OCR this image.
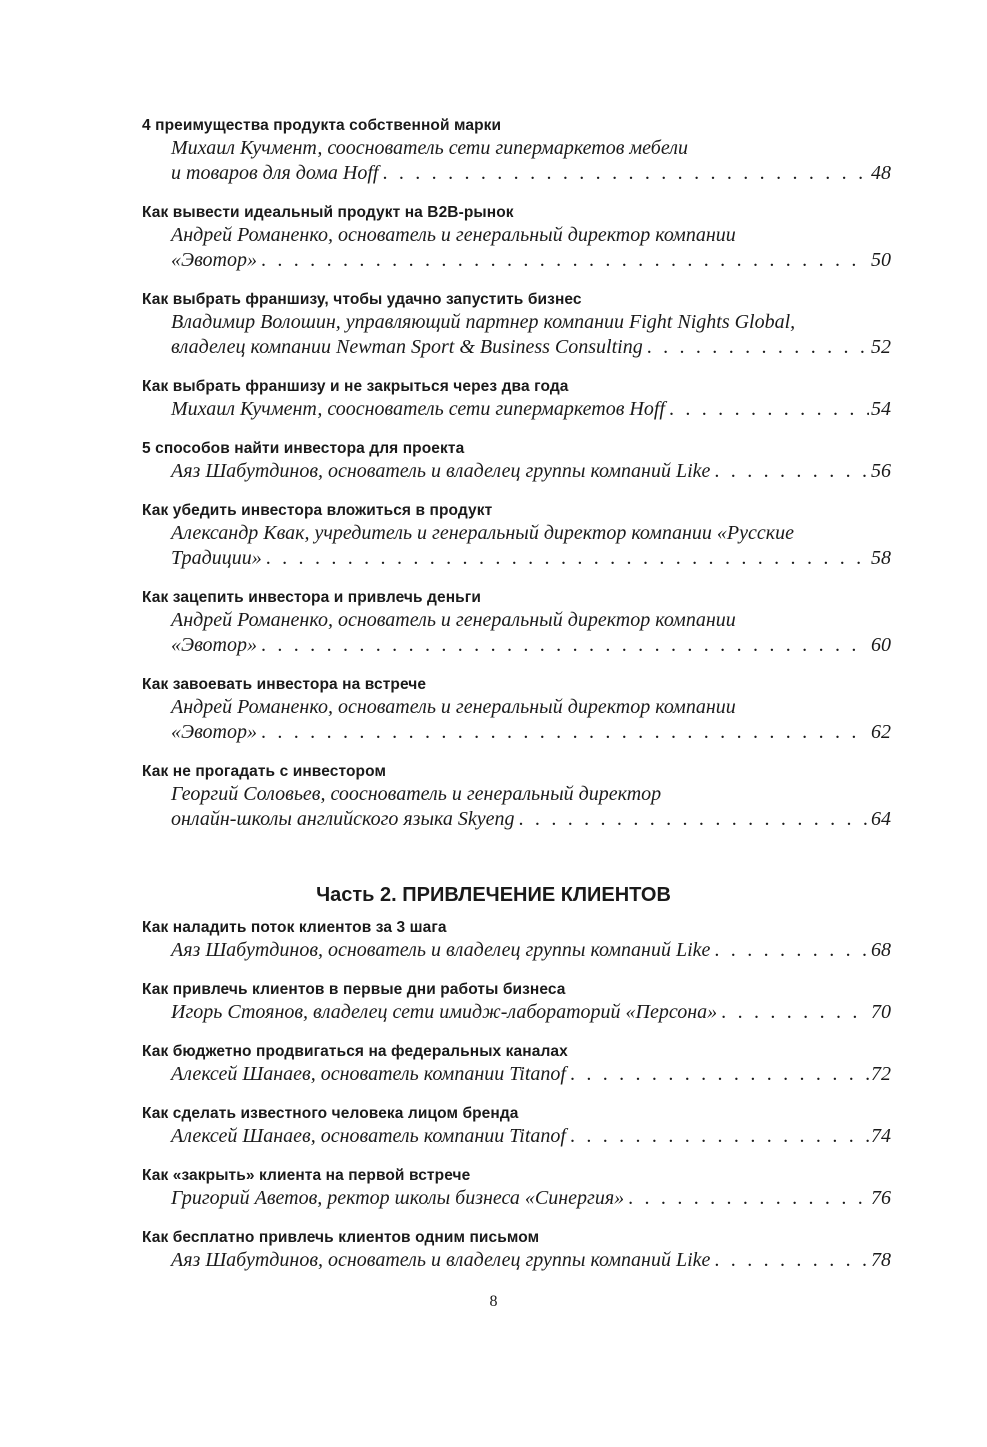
4 преимущества продукта собственной марки
Михаил Кучмент, сооснователь сети гипермаркетов мебели
и товаров для дома Hoff . . .	48
Как вывести идеальный продукт на B2B-рынок
Андрей Романенко, основатель и генеральный директор компании
«Эвотор» . . .	50
Как выбрать франшизу, чтобы удачно запустить бизнес
Владимир Волошин, управляющий партнер компании Fight Nights Global,
владелец компании Newman Sport & Business Consulting . . .	52
Как выбрать франшизу и не закрыться через два года
Михаил Кучмент, сооснователь сети гипермаркетов Hoff . . .	54
5 способов найти инвестора для проекта
Аяз Шабутдинов, основатель и владелец группы компаний Like . . .	56
Как убедить инвестора вложиться в продукт
Александр Квак, учредитель и генеральный директор компании «Русские
Традиции» . . .	58
Как зацепить инвестора и привлечь деньги
Андрей Романенко, основатель и генеральный директор компании
«Эвотор» . . .	60
Как завоевать инвестора на встрече
Андрей Романенко, основатель и генеральный директор компании
«Эвотор» . . .	62
Как не прогадать с инвестором
Георгий Соловьев, сооснователь и генеральный директор
онлайн-школы английского языка Skyeng . . .	64
Часть 2. ПРИВЛЕЧЕНИЕ КЛИЕНТОВ
Как наладить поток клиентов за 3 шага
Аяз Шабутдинов, основатель и владелец группы компаний Like . . .	68
Как привлечь клиентов в первые дни работы бизнеса
Игорь Стоянов, владелец сети имидж-лабораторий «Персона» . . .	70
Как бюджетно продвигаться на федеральных каналах
Алексей Шанаев, основатель компании Titanof . . .	72
Как сделать известного человека лицом бренда
Алексей Шанаев, основатель компании Titanof . . .	74
Как «закрыть» клиента на первой встрече
Григорий Аветов, ректор школы бизнеса «Синергия» . . .	76
Как бесплатно привлечь клиентов одним письмом
Аяз Шабутдинов, основатель и владелец группы компаний Like . . .	78
8
